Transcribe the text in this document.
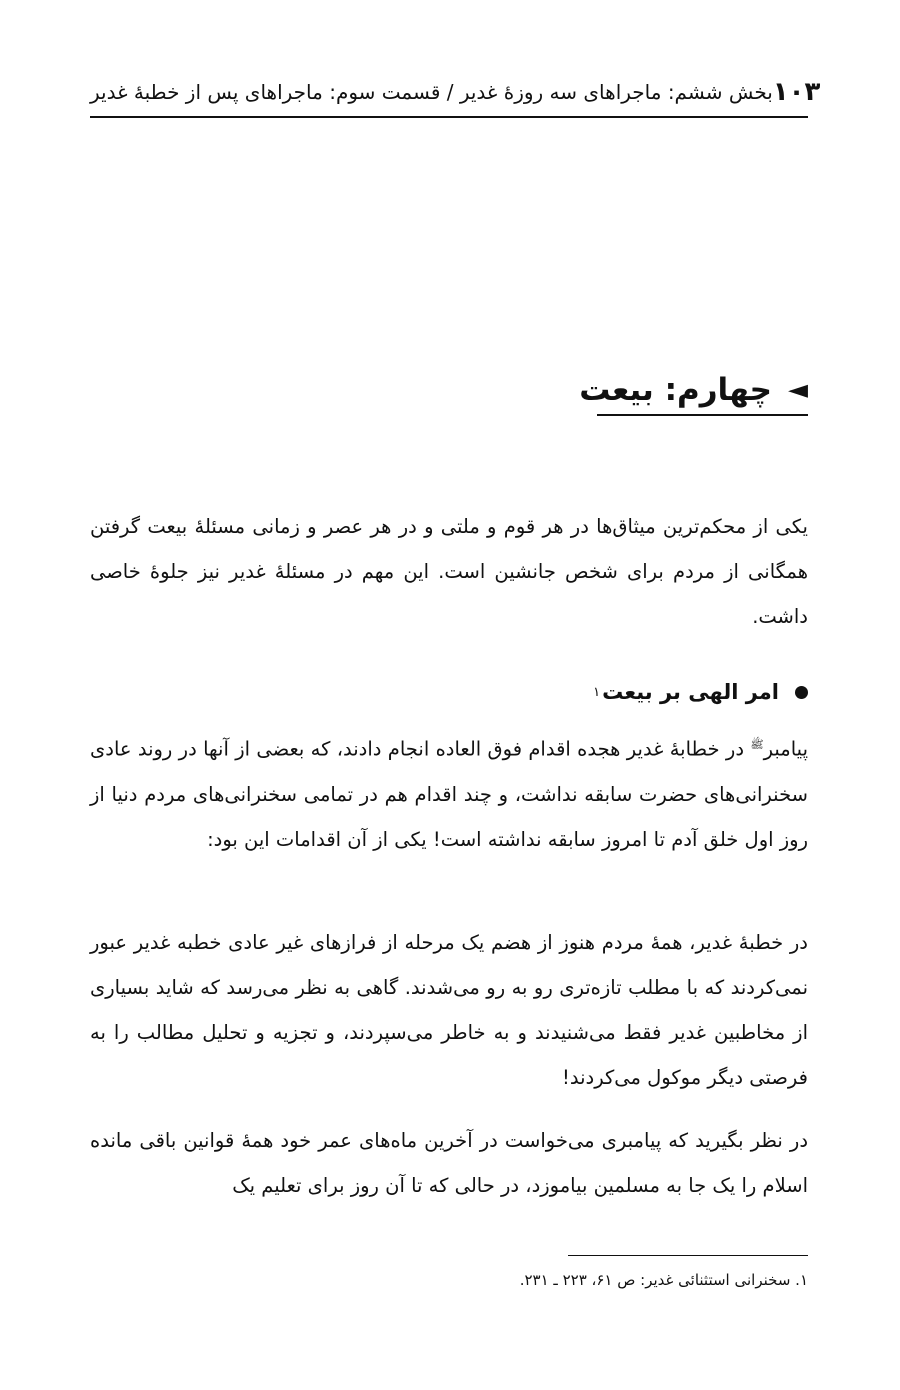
بخش ششم: ماجراهای سه روزهٔ غدیر / قسمت سوم: ماجراهای پس از خطبهٔ غدیر ۱۰۳
◄
چهارم: بیعت

یکی از محکم‌ترین میثاق‌ها در هر قوم و ملتی و در هر عصر و زمانی مسئلهٔ بیعت گرفتن همگانی از مردم برای شخص جانشین است. این مهم در مسئلهٔ غدیر نیز جلوهٔ خاصی داشت.

امر الهی بر بیعت
۱

پیامبر$^ﷺ$ در خطابهٔ غدیر هجده اقدام فوق العاده انجام دادند، که بعضی از آنها در روند عادی سخنرانی‌های حضرت سابقه نداشت، و چند اقدام هم در تمامی سخنرانی‌های مردم دنیا از روز اول خلق آدم تا امروز سابقه نداشته است! یکی از آن اقدامات این بود:

در خطبهٔ غدیر، همهٔ مردم هنوز از هضم یک مرحله از فرازهای غیر عادی خطبه غدیر عبور نمی‌کردند که با مطلب تازه‌تری رو به رو می‌شدند. گاهی به نظر می‌رسد که شاید بسیاری از مخاطبین غدیر فقط می‌شنیدند و به خاطر می‌سپردند، و تجزیه و تحلیل مطالب را به فرصتی دیگر موکول می‌کردند!

در نظر بگیرید که پیامبری می‌خواست در آخرین ماه‌های عمر خود همهٔ قوانین باقی مانده اسلام را یک جا به مسلمین بیاموزد، در حالی که تا آن روز برای تعلیم یک

۱. سخنرانی استثنائی غدیر: ص ۶۱، ۲۲۳ ـ ۲۳۱.
